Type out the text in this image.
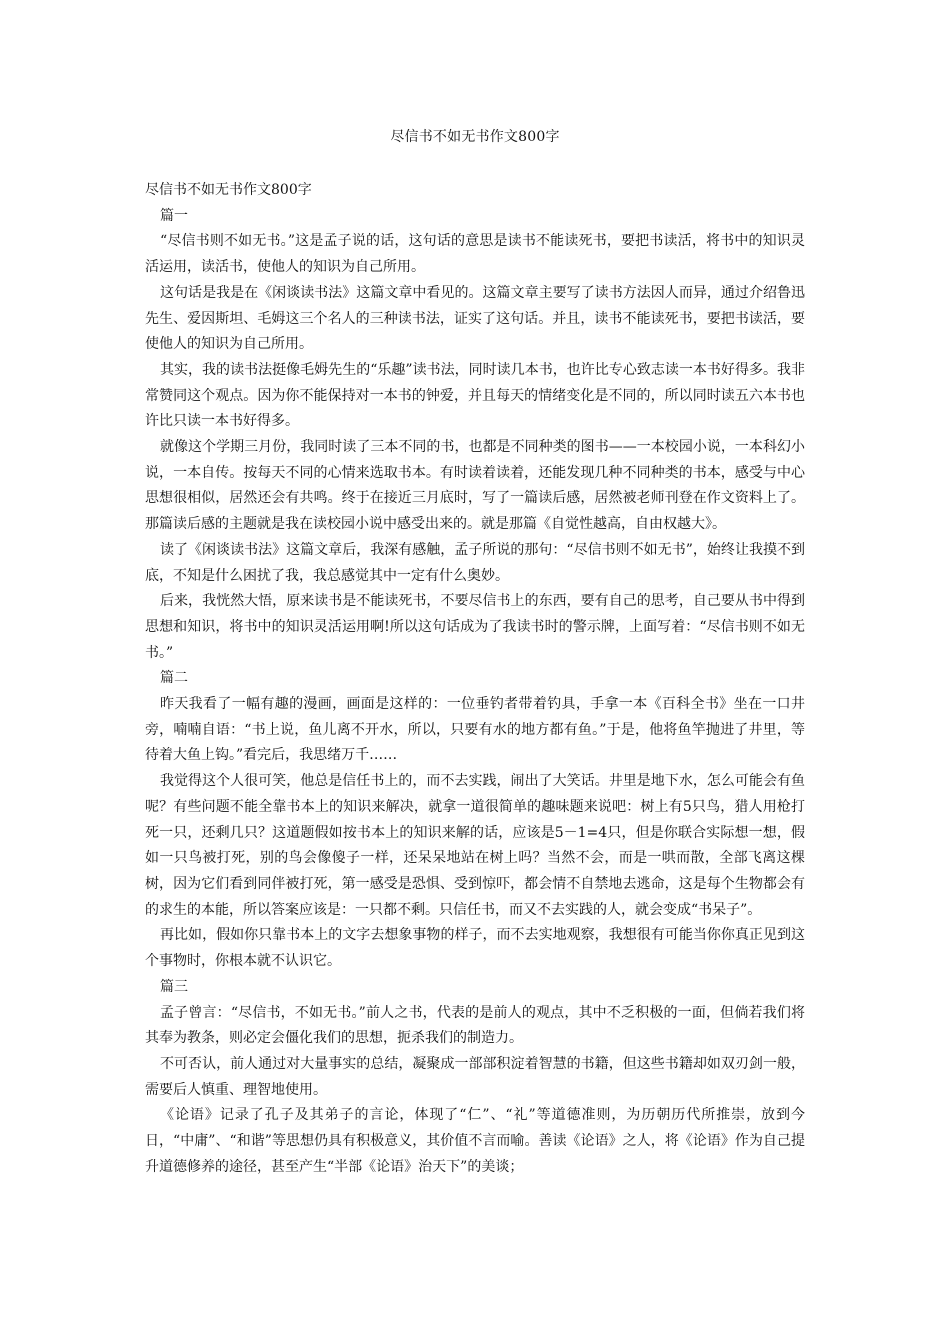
尽信书不如无书作文800字

尽信书不如无书作文800字

篇一

“尽信书则不如无书。”这是孟子说的话，这句话的意思是读书不能读死书，要把书读活，将书中的知识灵活运用，读活书，使他人的知识为自己所用。

这句话是我是在《闲谈读书法》这篇文章中看见的。这篇文章主要写了读书方法因人而异，通过介绍鲁迅先生、爱因斯坦、毛姆这三个名人的三种读书法，证实了这句话。并且，读书不能读死书，要把书读活，要使他人的知识为自己所用。

其实，我的读书法挺像毛姆先生的“乐趣”读书法，同时读几本书，也许比专心致志读一本书好得多。我非常赞同这个观点。因为你不能保持对一本书的钟爱，并且每天的情绪变化是不同的，所以同时读五六本书也许比只读一本书好得多。

就像这个学期三月份，我同时读了三本不同的书，也都是不同种类的图书——一本校园小说，一本科幻小说，一本自传。按每天不同的心情来选取书本。有时读着读着，还能发现几种不同种类的书本，感受与中心思想很相似，居然还会有共鸣。终于在接近三月底时，写了一篇读后感，居然被老师刊登在作文资料上了。那篇读后感的主题就是我在读校园小说中感受出来的。就是那篇《自觉性越高，自由权越大》。

读了《闲谈读书法》这篇文章后，我深有感触，孟子所说的那句：“尽信书则不如无书”，始终让我摸不到底，不知是什么困扰了我，我总感觉其中一定有什么奥妙。

后来，我恍然大悟，原来读书是不能读死书，不要尽信书上的东西，要有自己的思考，自己要从书中得到思想和知识，将书中的知识灵活运用啊!所以这句话成为了我读书时的警示牌，上面写着：“尽信书则不如无书。”

篇二

昨天我看了一幅有趣的漫画，画面是这样的：一位垂钓者带着钓具，手拿一本《百科全书》坐在一口井旁，喃喃自语：“书上说，鱼儿离不开水，所以，只要有水的地方都有鱼。”于是，他将鱼竿抛进了井里，等待着大鱼上钩。”看完后，我思绪万千……

我觉得这个人很可笑，他总是信任书上的，而不去实践，闹出了大笑话。井里是地下水，怎么可能会有鱼呢？有些问题不能全靠书本上的知识来解决，就拿一道很简单的趣味题来说吧：树上有5只鸟，猎人用枪打死一只，还剩几只？这道题假如按书本上的知识来解的话，应该是5－1=4只，但是你联合实际想一想，假如一只鸟被打死，别的鸟会像傻子一样，还呆呆地站在树上吗？当然不会，而是一哄而散，全部飞离这棵树，因为它们看到同伴被打死，第一感受是恐惧、受到惊吓，都会情不自禁地去逃命，这是每个生物都会有的求生的本能，所以答案应该是：一只都不剩。只信任书，而又不去实践的人，就会变成“书呆子”。

再比如，假如你只靠书本上的文字去想象事物的样子，而不去实地观察，我想很有可能当你你真正见到这个事物时，你根本就不认识它。

篇三

孟子曾言：“尽信书，不如无书。”前人之书，代表的是前人的观点，其中不乏积极的一面，但倘若我们将其奉为教条，则必定会僵化我们的思想，扼杀我们的制造力。

不可否认，前人通过对大量事实的总结，凝聚成一部部积淀着智慧的书籍，但这些书籍却如双刃剑一般，需要后人慎重、理智地使用。

《论语》记录了孔子及其弟子的言论，体现了“仁”、“礼”等道德准则，为历朝历代所推崇，放到今日，“中庸”、“和谐”等思想仍具有积极意义，其价值不言而喻。善读《论语》之人，将《论语》作为自己提升道德修养的途径，甚至产生“半部《论语》治天下”的美谈；
